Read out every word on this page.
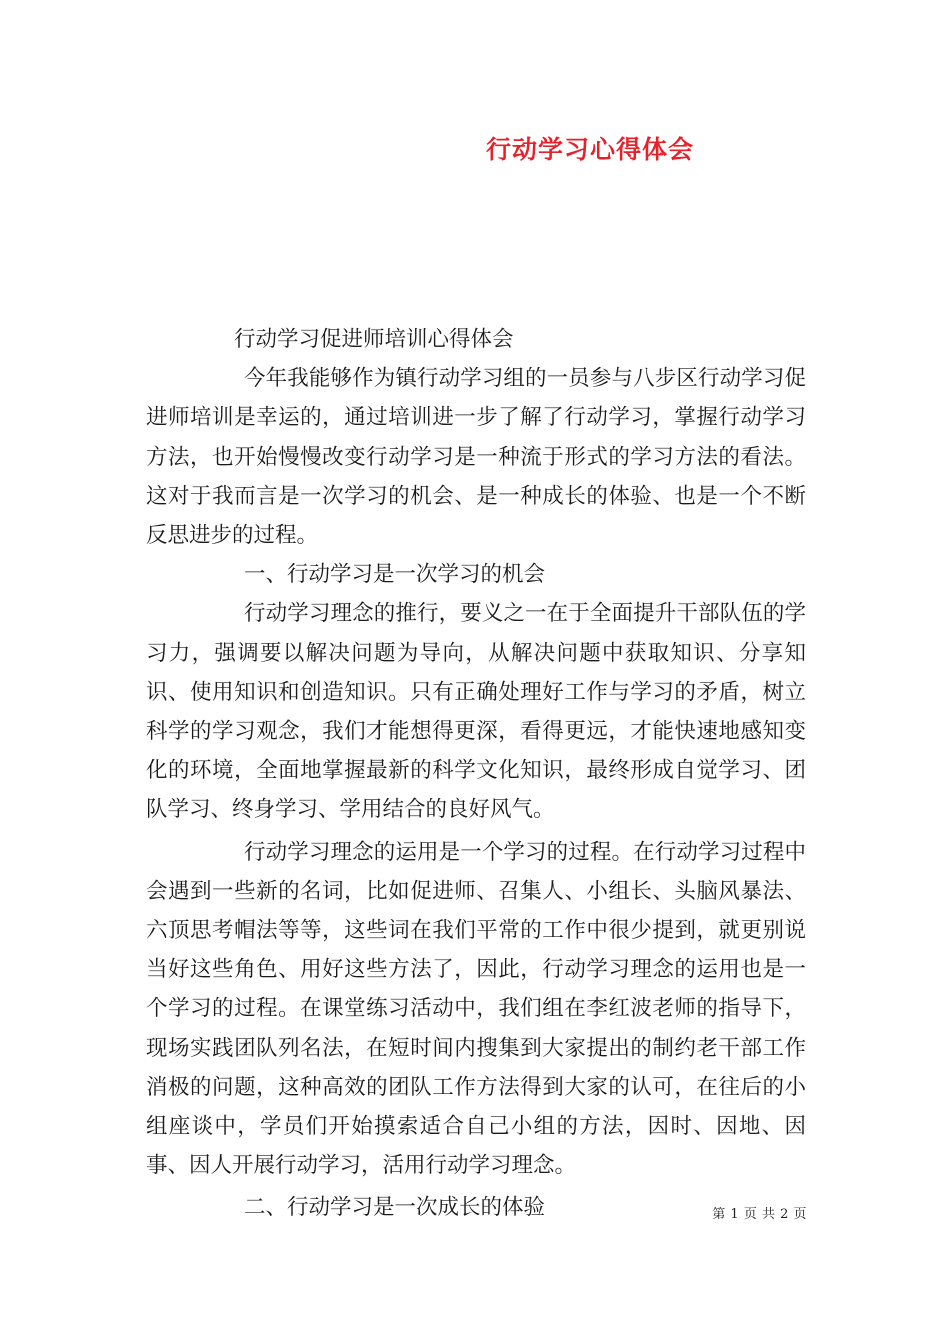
行动学习心得体会

行动学习促进师培训心得体会

今年我能够作为镇行动学习组的一员参与八步区行动学习促进师培训是幸运的，通过培训进一步了解了行动学习，掌握行动学习方法，也开始慢慢改变行动学习是一种流于形式的学习方法的看法。这对于我而言是一次学习的机会、是一种成长的体验、也是一个不断反思进步的过程。

一、行动学习是一次学习的机会

行动学习理念的推行，要义之一在于全面提升干部队伍的学习力，强调要以解决问题为导向，从解决问题中获取知识、分享知识、使用知识和创造知识。只有正确处理好工作与学习的矛盾，树立科学的学习观念，我们才能想得更深，看得更远，才能快速地感知变化的环境，全面地掌握最新的科学文化知识，最终形成自觉学习、团队学习、终身学习、学用结合的良好风气。

行动学习理念的运用是一个学习的过程。在行动学习过程中会遇到一些新的名词，比如促进师、召集人、小组长、头脑风暴法、六顶思考帽法等等，这些词在我们平常的工作中很少提到，就更别说当好这些角色、用好这些方法了，因此，行动学习理念的运用也是一个学习的过程。在课堂练习活动中，我们组在李红波老师的指导下，现场实践团队列名法，在短时间内搜集到大家提出的制约老干部工作消极的问题，这种高效的团队工作方法得到大家的认可，在往后的小组座谈中，学员们开始摸索适合自己小组的方法，因时、因地、因事、因人开展行动学习，活用行动学习理念。

二、行动学习是一次成长的体验	第 1 页 共 2 页
